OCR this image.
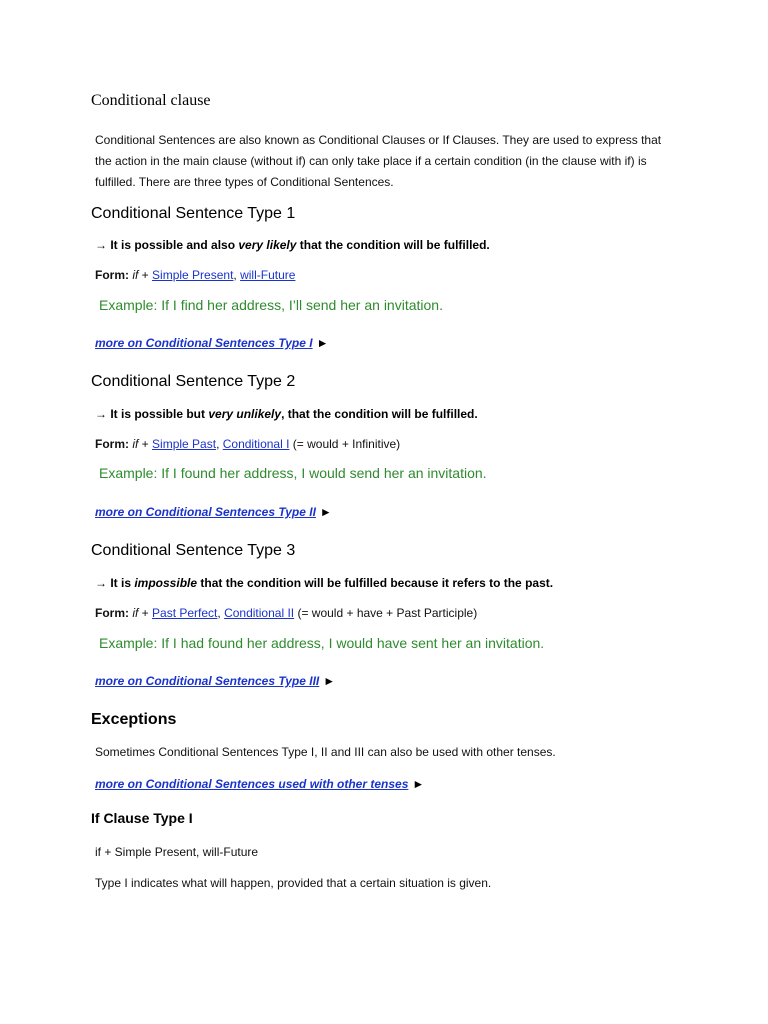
Conditional clause
Conditional Sentences are also known as Conditional Clauses or If Clauses. They are used to express that the action in the main clause (without if) can only take place if a certain condition (in the clause with if) is fulfilled. There are three types of Conditional Sentences.
Conditional Sentence Type 1
→ It is possible and also very likely that the condition will be fulfilled.
Form: if + Simple Present, will-Future
Example: If I find her address, I’ll send her an invitation.
more on Conditional Sentences Type I ►
Conditional Sentence Type 2
→ It is possible but very unlikely, that the condition will be fulfilled.
Form: if + Simple Past, Conditional I (= would + Infinitive)
Example: If I found her address, I would send her an invitation.
more on Conditional Sentences Type II ►
Conditional Sentence Type 3
→ It is impossible that the condition will be fulfilled because it refers to the past.
Form: if + Past Perfect, Conditional II (= would + have + Past Participle)
Example: If I had found her address, I would have sent her an invitation.
more on Conditional Sentences Type III ►
Exceptions
Sometimes Conditional Sentences Type I, II and III can also be used with other tenses.
more on Conditional Sentences used with other tenses ►
If Clause Type I
if + Simple Present, will-Future
Type I indicates what will happen, provided that a certain situation is given.
